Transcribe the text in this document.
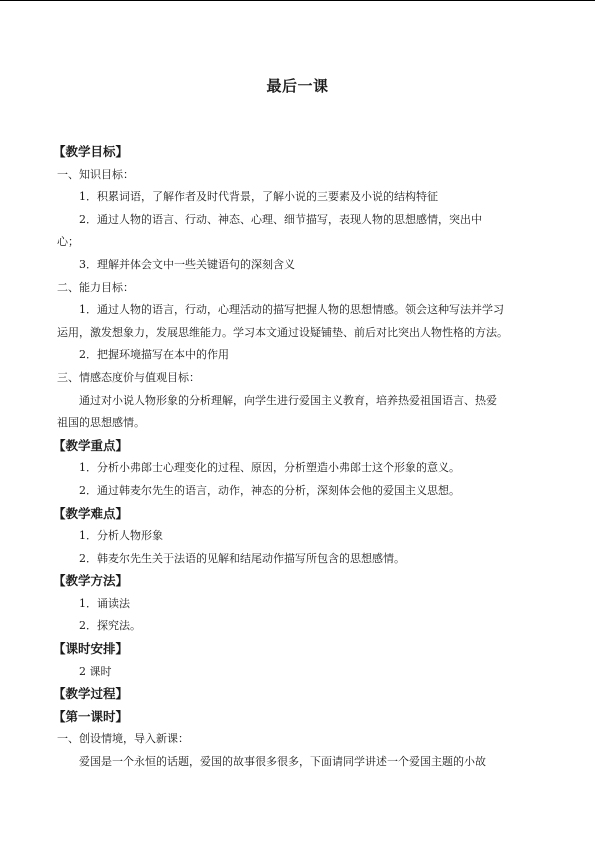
最后一课
【教学目标】
一、知识目标：
1．积累词语，了解作者及时代背景，了解小说的三要素及小说的结构特征
2．通过人物的语言、行动、神态、心理、细节描写，表现人物的思想感情，突出中
心；
3．理解并体会文中一些关键语句的深刻含义
二、能力目标：
1．通过人物的语言，行动，心理活动的描写把握人物的思想情感。领会这种写法并学习
运用，激发想象力，发展思维能力。学习本文通过设疑铺垫、前后对比突出人物性格的方法。
2．把握环境描写在本中的作用
三、情感态度价与值观目标：
通过对小说人物形象的分析理解，向学生进行爱国主义教育，培养热爱祖国语言、热爱
祖国的思想感情。
【教学重点】
1．分析小弗郎士心理变化的过程、原因，分析塑造小弗郎士这个形象的意义。
2．通过韩麦尔先生的语言，动作，神态的分析，深刻体会他的爱国主义思想。
【教学难点】
1．分析人物形象
2．韩麦尔先生关于法语的见解和结尾动作描写所包含的思想感情。
【教学方法】
1．诵读法
2．探究法。
【课时安排】
2 课时
【教学过程】
【第一课时】
一、创设情境，导入新课：
爱国是一个永恒的话题，爱国的故事很多很多，下面请同学讲述一个爱国主题的小故
